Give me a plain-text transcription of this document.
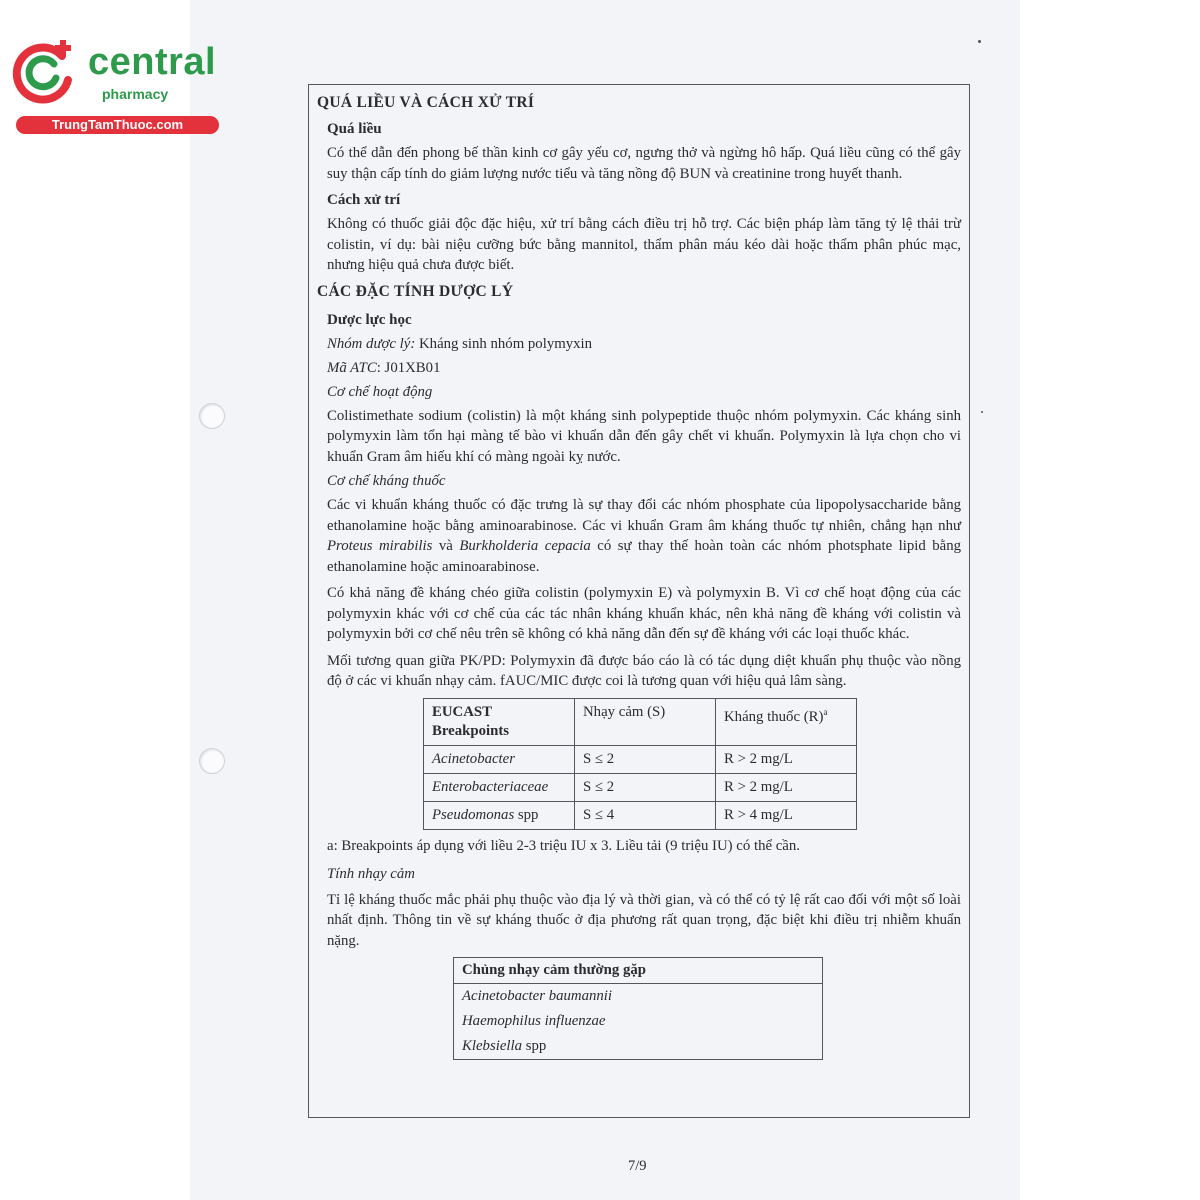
central
pharmacy
TrungTamThuoc.com

QUÁ LIỀU VÀ CÁCH XỬ TRÍ

Quá liều

Có thể dẫn đến phong bế thần kinh cơ gây yếu cơ, ngưng thở và ngừng hô hấp. Quá liều cũng có thể gây suy thận cấp tính do giảm lượng nước tiểu và tăng nồng độ BUN và creatinine trong huyết thanh.

Cách xử trí

Không có thuốc giải độc đặc hiệu, xử trí bằng cách điều trị hỗ trợ. Các biện pháp làm tăng tỷ lệ thải trừ colistin, ví dụ: bài niệu cưỡng bức bằng mannitol, thẩm phân máu kéo dài hoặc thẩm phân phúc mạc, nhưng hiệu quả chưa được biết.

CÁC ĐẶC TÍNH DƯỢC LÝ

Dược lực học

Nhóm dược lý: Kháng sinh nhóm polymyxin

Mã ATC: J01XB01

Cơ chế hoạt động

Colistimethate sodium (colistin) là một kháng sinh polypeptide thuộc nhóm polymyxin. Các kháng sinh polymyxin làm tổn hại màng tế bào vi khuẩn dẫn đến gây chết vi khuẩn. Polymyxin là lựa chọn cho vi khuẩn Gram âm hiếu khí có màng ngoài kỵ nước.

Cơ chế kháng thuốc

Các vi khuẩn kháng thuốc có đặc trưng là sự thay đổi các nhóm phosphate của lipopolysaccharide bằng ethanolamine hoặc bằng aminoarabinose. Các vi khuẩn Gram âm kháng thuốc tự nhiên, chẳng hạn như Proteus mirabilis và Burkholderia cepacia có sự thay thế hoàn toàn các nhóm photsphate lipid bằng ethanolamine hoặc aminoarabinose.

Có khả năng đề kháng chéo giữa colistin (polymyxin E) và polymyxin B. Vì cơ chế hoạt động của các polymyxin khác với cơ chế của các tác nhân kháng khuẩn khác, nên khả năng đề kháng với colistin và polymyxin bởi cơ chế nêu trên sẽ không có khả năng dẫn đến sự đề kháng với các loại thuốc khác.

Mối tương quan giữa PK/PD: Polymyxin đã được báo cáo là có tác dụng diệt khuẩn phụ thuộc vào nồng độ ở các vi khuẩn nhạy cảm. fAUC/MIC được coi là tương quan với hiệu quả lâm sàng.

EUCAST Breakpoints	Nhạy cảm (S)	Kháng thuốc $(R)^a$
Acinetobacter	S ≤ 2	R > 2 mg/L
Enterobacteriaceae	S ≤ 2	R > 2 mg/L
Pseudomonas spp	S ≤ 4	R > 4 mg/L

a: Breakpoints áp dụng với liều 2-3 triệu IU x 3. Liều tải (9 triệu IU) có thể cần.

Tính nhạy cảm

Tỉ lệ kháng thuốc mắc phải phụ thuộc vào địa lý và thời gian, và có thể có tỷ lệ rất cao đối với một số loài nhất định. Thông tin về sự kháng thuốc ở địa phương rất quan trọng, đặc biệt khi điều trị nhiễm khuẩn nặng.

Chủng nhạy cảm thường gặp
Acinetobacter baumannii
Haemophilus influenzae
Klebsiella spp
7/9
